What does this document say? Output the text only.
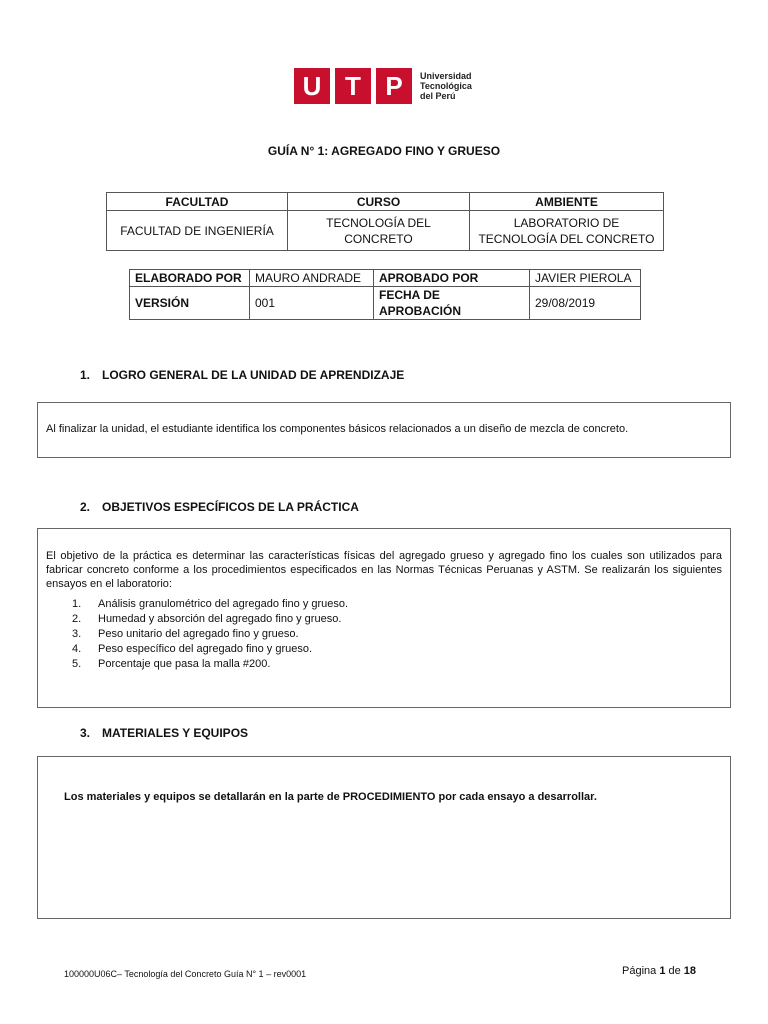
U T P	Universidad
Tecnológica
del Perú
GUÍA N° 1: AGREGADO FINO Y GRUESO
FACULTAD	CURSO	AMBIENTE
FACULTAD DE INGENIERÍA	TECNOLOGÍA DEL CONCRETO	LABORATORIO DE TECNOLOGÍA DEL CONCRETO
ELABORADO POR	MAURO ANDRADE	APROBADO POR	JAVIER PIEROLA
VERSIÓN	001	FECHA DE APROBACIÓN	29/08/2019
1. LOGRO GENERAL DE LA UNIDAD DE APRENDIZAJE

Al finalizar la unidad, el estudiante identifica los componentes básicos relacionados a un diseño de mezcla de concreto.

2. OBJETIVOS ESPECÍFICOS DE LA PRÁCTICA

El objetivo de la práctica es determinar las características físicas del agregado grueso y agregado fino los cuales son utilizados para fabricar concreto conforme a los procedimientos especificados en las Normas Técnicas Peruanas y ASTM. Se realizarán los siguientes ensayos en el laboratorio:

1. Análisis granulométrico del agregado fino y grueso.
2. Humedad y absorción del agregado fino y grueso.
3. Peso unitario del agregado fino y grueso.
4. Peso específico del agregado fino y grueso.
5. Porcentaje que pasa la malla #200.
3. MATERIALES Y EQUIPOS

Los materiales y equipos se detallarán en la parte de PROCEDIMIENTO por cada ensayo a desarrollar.

100000U06C– Tecnología del Concreto Guía N° 1 – rev0001	Página 1 de 18
